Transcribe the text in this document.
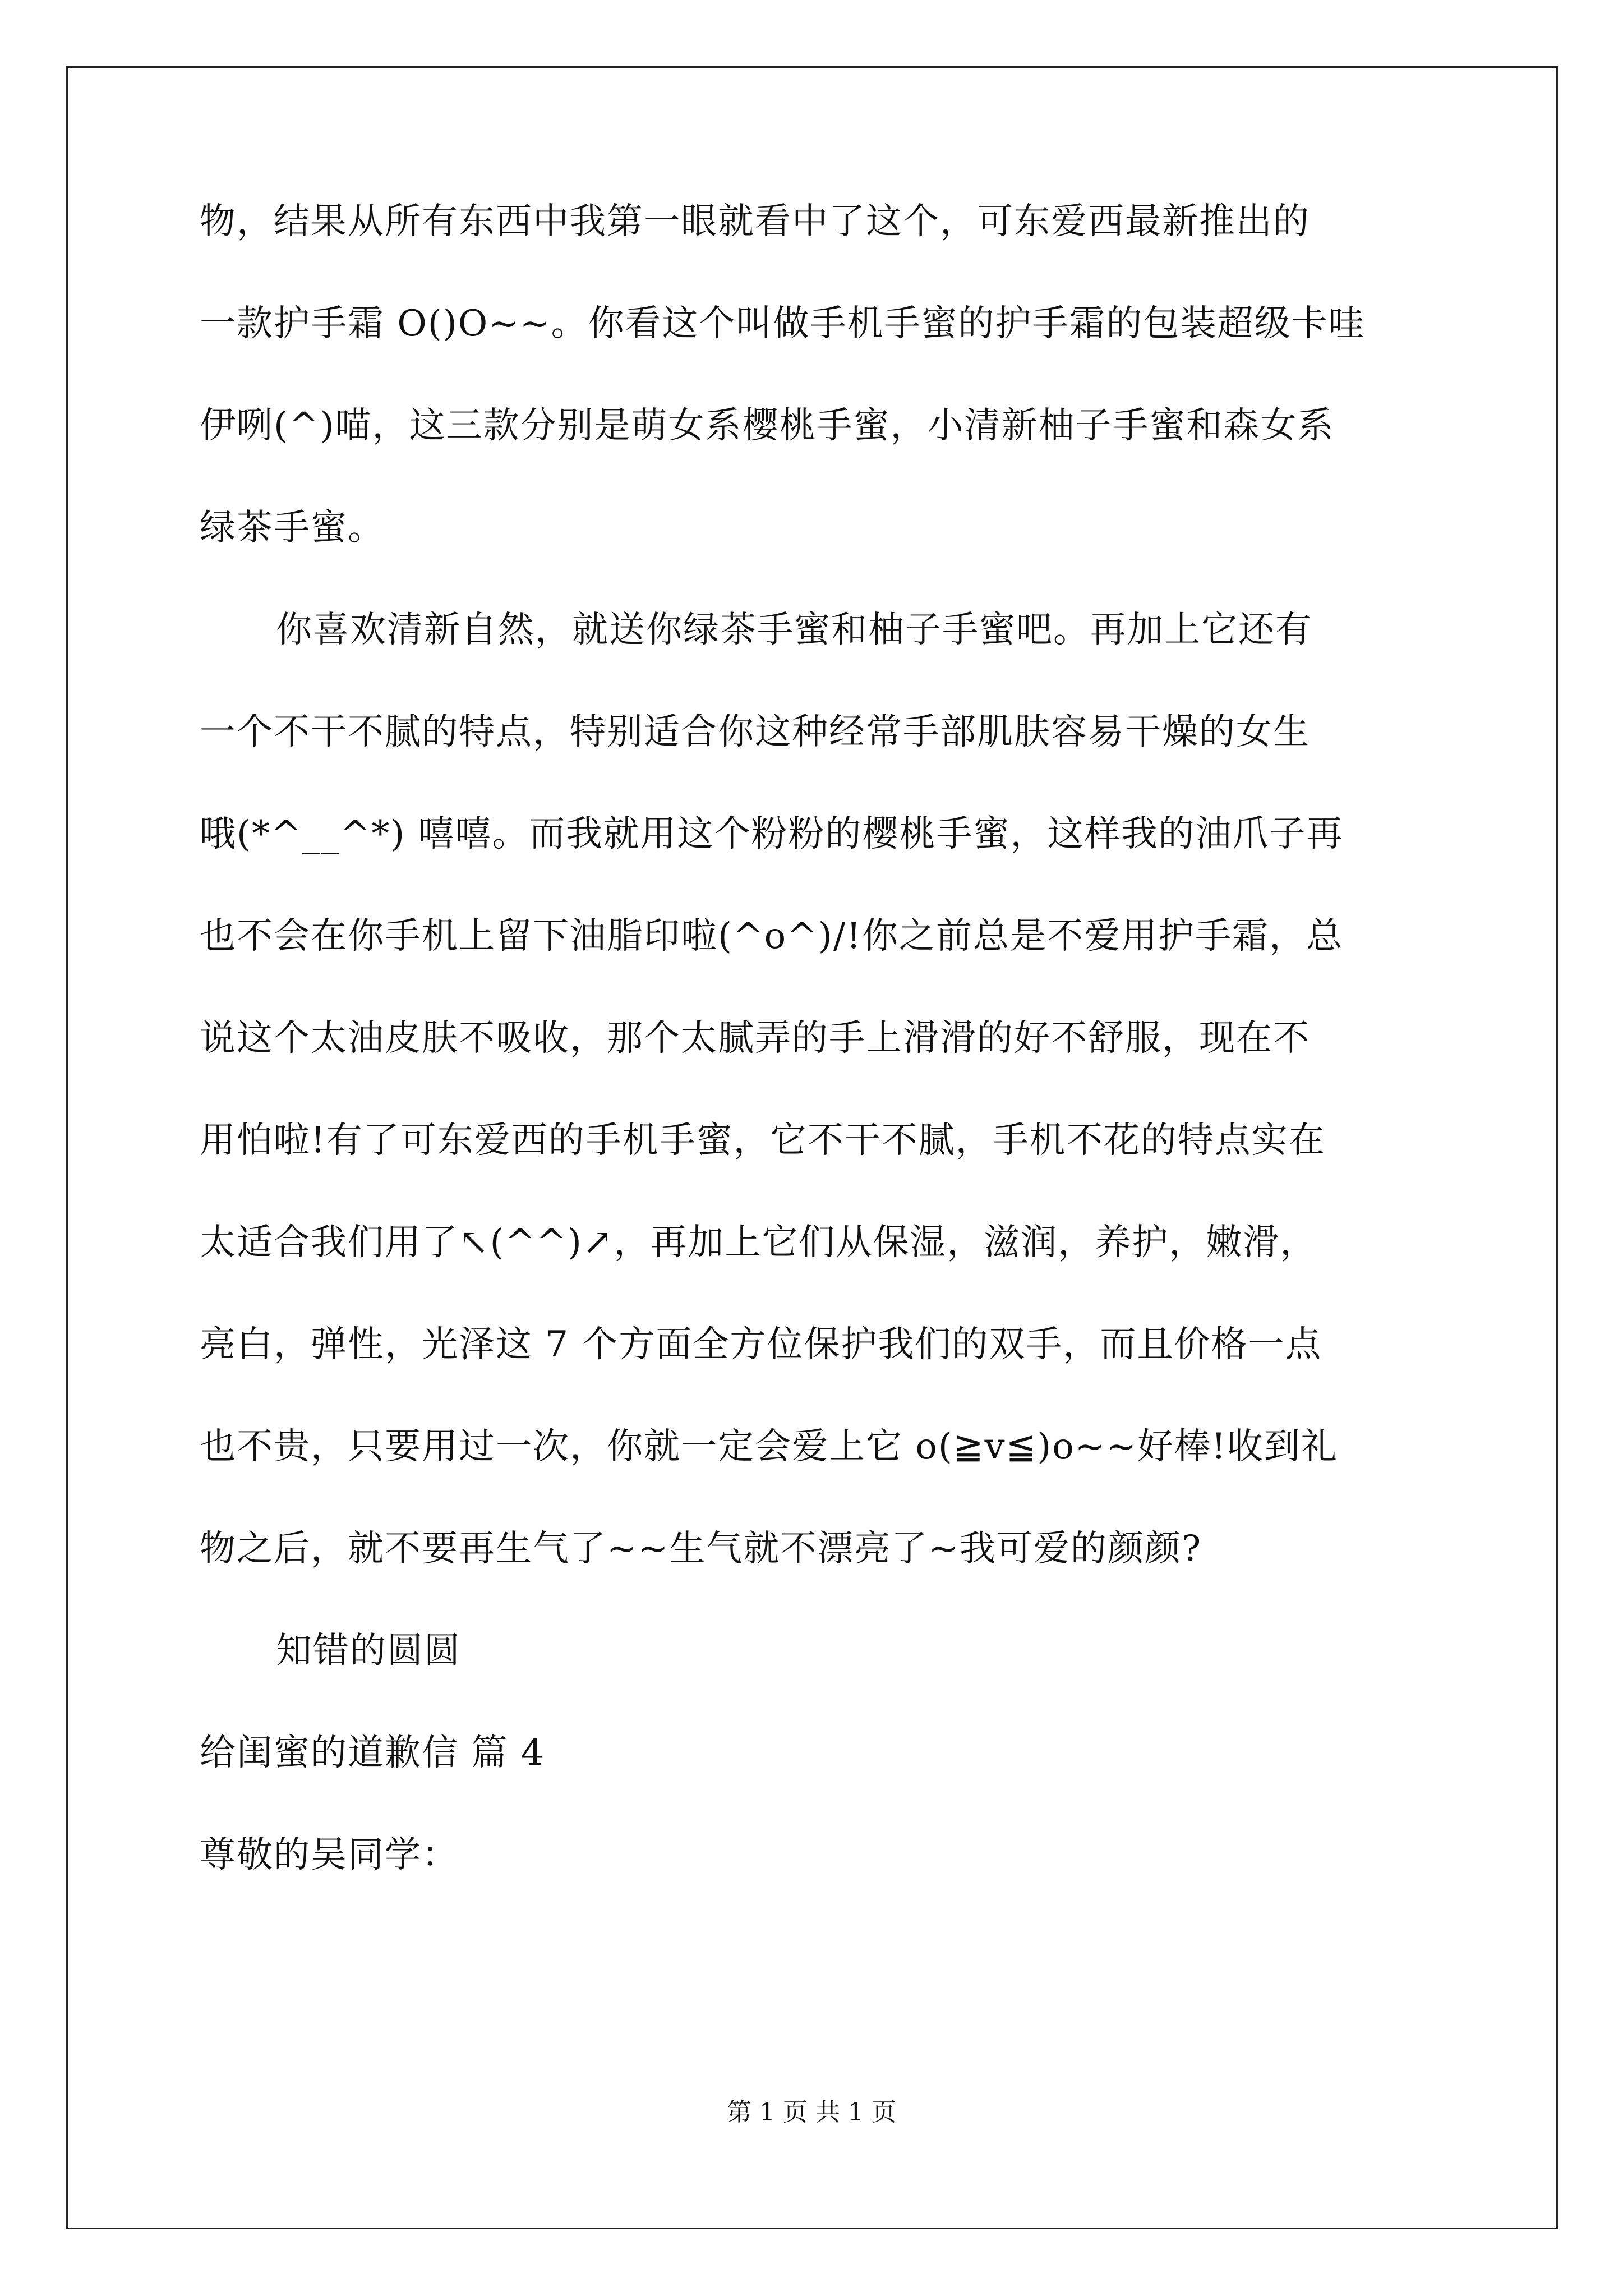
物，结果从所有东西中我第一眼就看中了这个，可东爱西最新推出的
一款护手霜 O()O~~。你看这个叫做手机手蜜的护手霜的包装超级卡哇
伊咧(^)喵，这三款分别是萌女系樱桃手蜜，小清新柚子手蜜和森女系
绿茶手蜜。
你喜欢清新自然，就送你绿茶手蜜和柚子手蜜吧。再加上它还有
一个不干不腻的特点，特别适合你这种经常手部肌肤容易干燥的女生
哦(*^__^*) 嘻嘻。而我就用这个粉粉的樱桃手蜜，这样我的油爪子再
也不会在你手机上留下油脂印啦(^o^)/!你之前总是不爱用护手霜，总
说这个太油皮肤不吸收，那个太腻弄的手上滑滑的好不舒服，现在不
用怕啦!有了可东爱西的手机手蜜，它不干不腻，手机不花的特点实在
太适合我们用了↖(^^)↗，再加上它们从保湿，滋润，养护，嫩滑，
亮白，弹性，光泽这 7 个方面全方位保护我们的双手，而且价格一点
也不贵，只要用过一次，你就一定会爱上它 o(≧v≦)o~~好棒!收到礼
物之后，就不要再生气了~~生气就不漂亮了~我可爱的颜颜?
知错的圆圆
给闺蜜的道歉信 篇 4
尊敬的吴同学：
第 1 页 共 1 页
